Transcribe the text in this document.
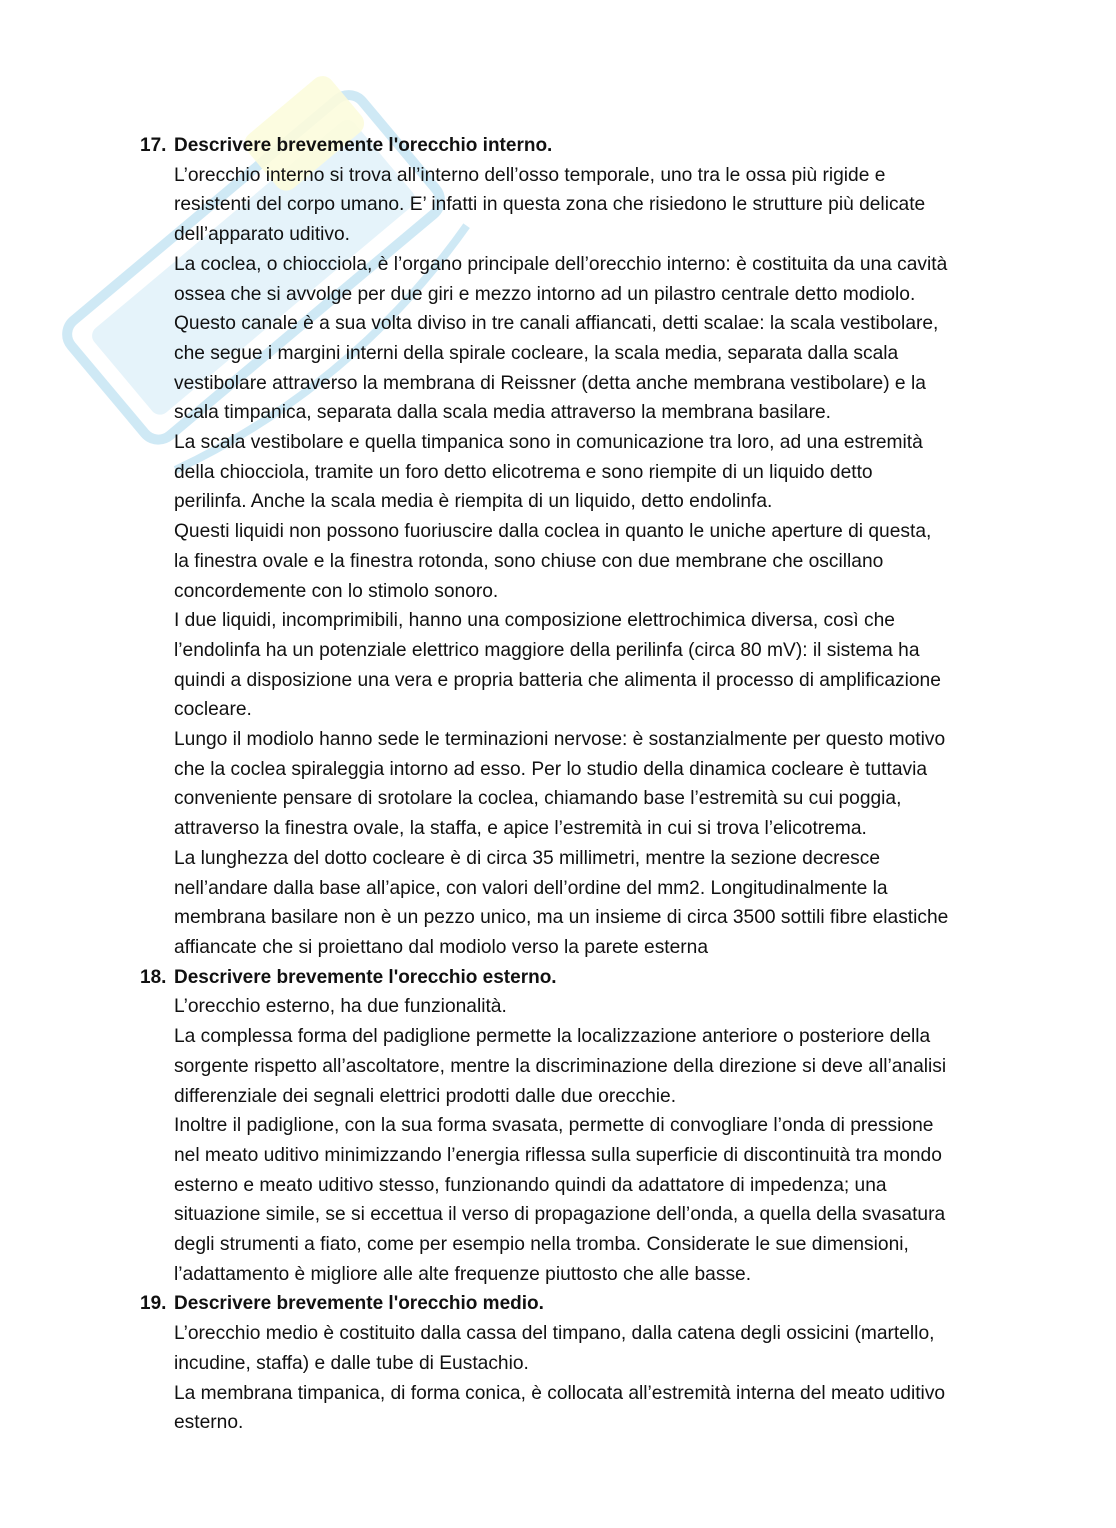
17. Descrivere brevemente l'orecchio interno.
L’orecchio interno si trova all’interno dell’osso temporale, uno tra le ossa più rigide e
resistenti del corpo umano. E’ infatti in questa zona che risiedono le strutture più delicate
dell’apparato uditivo.
La coclea, o chiocciola, è l’organo principale dell’orecchio interno: è costituita da una cavità
ossea che si avvolge per due giri e mezzo intorno ad un pilastro centrale detto modiolo.
Questo canale è a sua volta diviso in tre canali affiancati, detti scalae: la scala vestibolare,
che segue i margini interni della spirale cocleare, la scala media, separata dalla scala
vestibolare attraverso la membrana di Reissner (detta anche membrana vestibolare) e la
scala timpanica, separata dalla scala media attraverso la membrana basilare.
La scala vestibolare e quella timpanica sono in comunicazione tra loro, ad una estremità
della chiocciola, tramite un foro detto elicotrema e sono riempite di un liquido detto
perilinfa. Anche la scala media è riempita di un liquido, detto endolinfa.
Questi liquidi non possono fuoriuscire dalla coclea in quanto le uniche aperture di questa,
la finestra ovale e la finestra rotonda, sono chiuse con due membrane che oscillano
concordemente con lo stimolo sonoro.
I due liquidi, incomprimibili, hanno una composizione elettrochimica diversa, così che
l’endolinfa ha un potenziale elettrico maggiore della perilinfa (circa 80 mV): il sistema ha
quindi a disposizione una vera e propria batteria che alimenta il processo di amplificazione
cocleare.
Lungo il modiolo hanno sede le terminazioni nervose: è sostanzialmente per questo motivo
che la coclea spiraleggia intorno ad esso. Per lo studio della dinamica cocleare è tuttavia
conveniente pensare di srotolare la coclea, chiamando base l’estremità su cui poggia,
attraverso la finestra ovale, la staffa, e apice l’estremità in cui si trova l’elicotrema.
La lunghezza del dotto cocleare è di circa 35 millimetri, mentre la sezione decresce
nell’andare dalla base all’apice, con valori dell’ordine del mm2. Longitudinalmente la
membrana basilare non è un pezzo unico, ma un insieme di circa 3500 sottili fibre elastiche
affiancate che si proiettano dal modiolo verso la parete esterna
18. Descrivere brevemente l'orecchio esterno.
L’orecchio esterno, ha due funzionalità.
La complessa forma del padiglione permette la localizzazione anteriore o posteriore della
sorgente rispetto all’ascoltatore, mentre la discriminazione della direzione si deve all’analisi
differenziale dei segnali elettrici prodotti dalle due orecchie.
Inoltre il padiglione, con la sua forma svasata, permette di convogliare l’onda di pressione
nel meato uditivo minimizzando l’energia riflessa sulla superficie di discontinuità tra mondo
esterno e meato uditivo stesso, funzionando quindi da adattatore di impedenza; una
situazione simile, se si eccettua il verso di propagazione dell’onda, a quella della svasatura
degli strumenti a fiato, come per esempio nella tromba. Considerate le sue dimensioni,
l’adattamento è migliore alle alte frequenze piuttosto che alle basse.
19. Descrivere brevemente l'orecchio medio.
L’orecchio medio è costituito dalla cassa del timpano, dalla catena degli ossicini (martello,
incudine, staffa) e dalle tube di Eustachio.
La membrana timpanica, di forma conica, è collocata all’estremità interna del meato uditivo
esterno.
